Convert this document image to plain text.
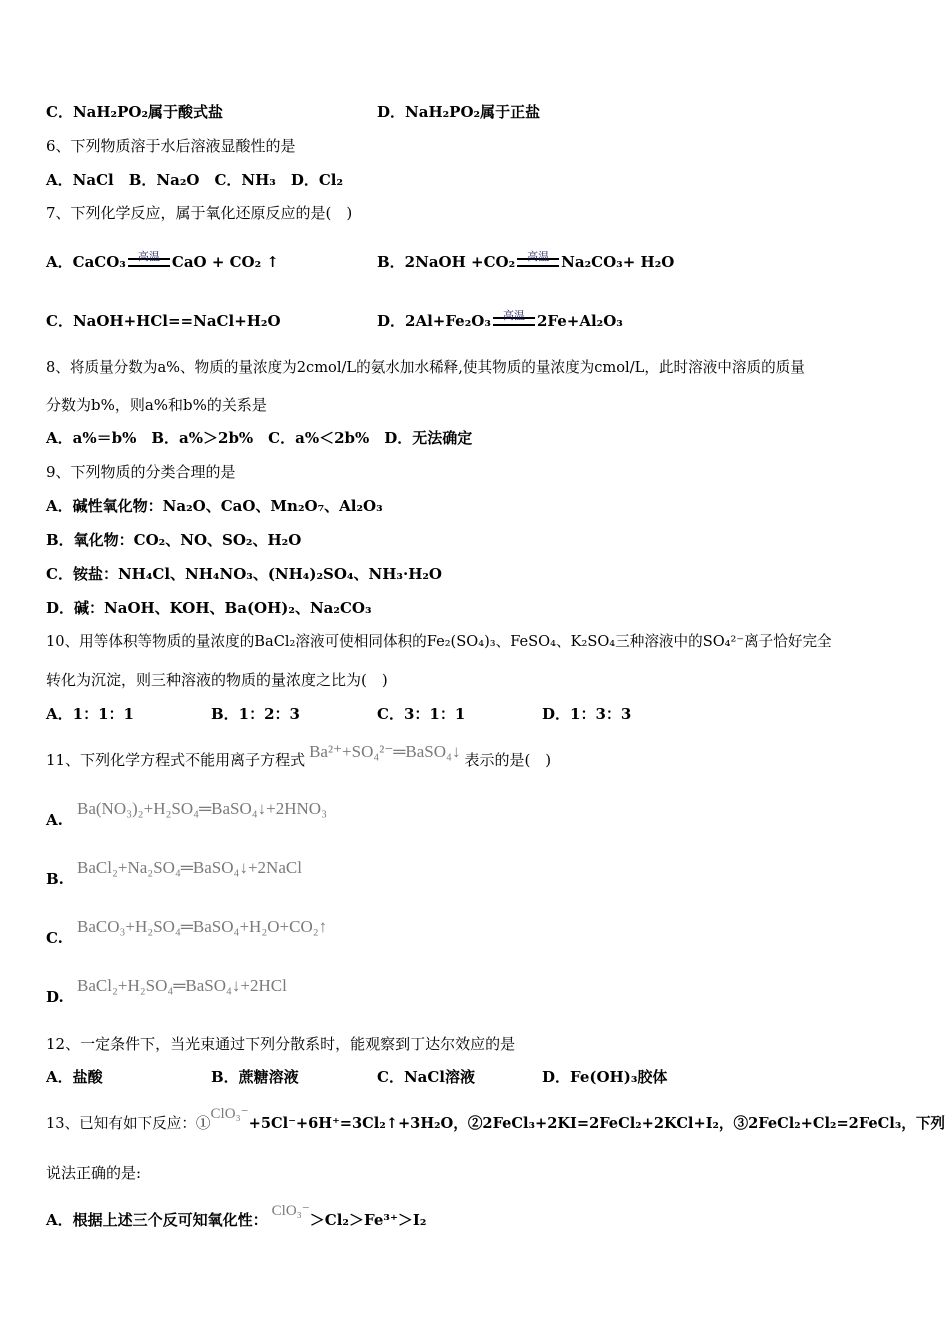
C．NaH₂PO₂属于酸式盐	D．NaH₂PO₂属于正盐
6、下列物质溶于水后溶液显酸性的是
A．NaCl　B．Na₂O　C．NH₃　D．Cl₂
7、下列化学反应，属于氧化还原反应的是(　)
A．CaCO₃	高温 CaO + CO₂ ↑	B．2NaOH +CO₂	高温 Na₂CO₃+ H₂O
C．NaOH+HCl==NaCl+H₂O	D．2Al+Fe₂O₃	高温 2Fe+Al₂O₃
8、将质量分数为a%、物质的量浓度为2cmol/L的氨水加水稀释,使其物质的量浓度为cmol/L，此时溶液中溶质的质量
分数为b%，则a%和b%的关系是
A．a%＝b%　B．a%＞2b%　C．a%＜2b%　D．无法确定
9、下列物质的分类合理的是
A．碱性氧化物：Na₂O、CaO、Mn₂O₇、Al₂O₃
B．氧化物：CO₂、NO、SO₂、H₂O
C．铵盐：NH₄Cl、NH₄NO₃、(NH₄)₂SO₄、NH₃·H₂O
D．碱：NaOH、KOH、Ba(OH)₂、Na₂CO₃
10、用等体积等物质的量浓度的BaCl₂溶液可使相同体积的Fe₂(SO₄)₃、FeSO₄、K₂SO₄三种溶液中的SO₄²⁻离子恰好完全
转化为沉淀，则三种溶液的物质的量浓度之比为(　)
A．1：1：1	B．1：2：3	C．3：1：1	D．1：3：3
11、下列化学方程式不能用离子方程式 Ba²⁺+SO₄²⁻═BaSO₄↓ 表示的是(　)
A.
Ba(NO₃)₂+H₂SO₄═BaSO₄↓+2HNO₃
B.
BaCl₂+Na₂SO₄═BaSO₄↓+2NaCl
C.
BaCO₃+H₂SO₄═BaSO₄+H₂O+CO₂↑
D.
BaCl₂+H₂SO₄═BaSO₄↓+2HCl
12、一定条件下，当光束通过下列分散系时，能观察到丁达尔效应的是
A．盐酸	B．蔗糖溶液	C．NaCl溶液	D．Fe(OH)₃胶体
13、已知有如下反应：①ClO₃⁻+5Cl⁻+6H⁺=3Cl₂↑+3H₂O，②2FeCl₃+2KI=2FeCl₂+2KCl+I₂，③2FeCl₂+Cl₂=2FeCl₃，下列
说法正确的是:
A．根据上述三个反可知氧化性： ClO₃⁻＞Cl₂＞Fe³⁺＞I₂
